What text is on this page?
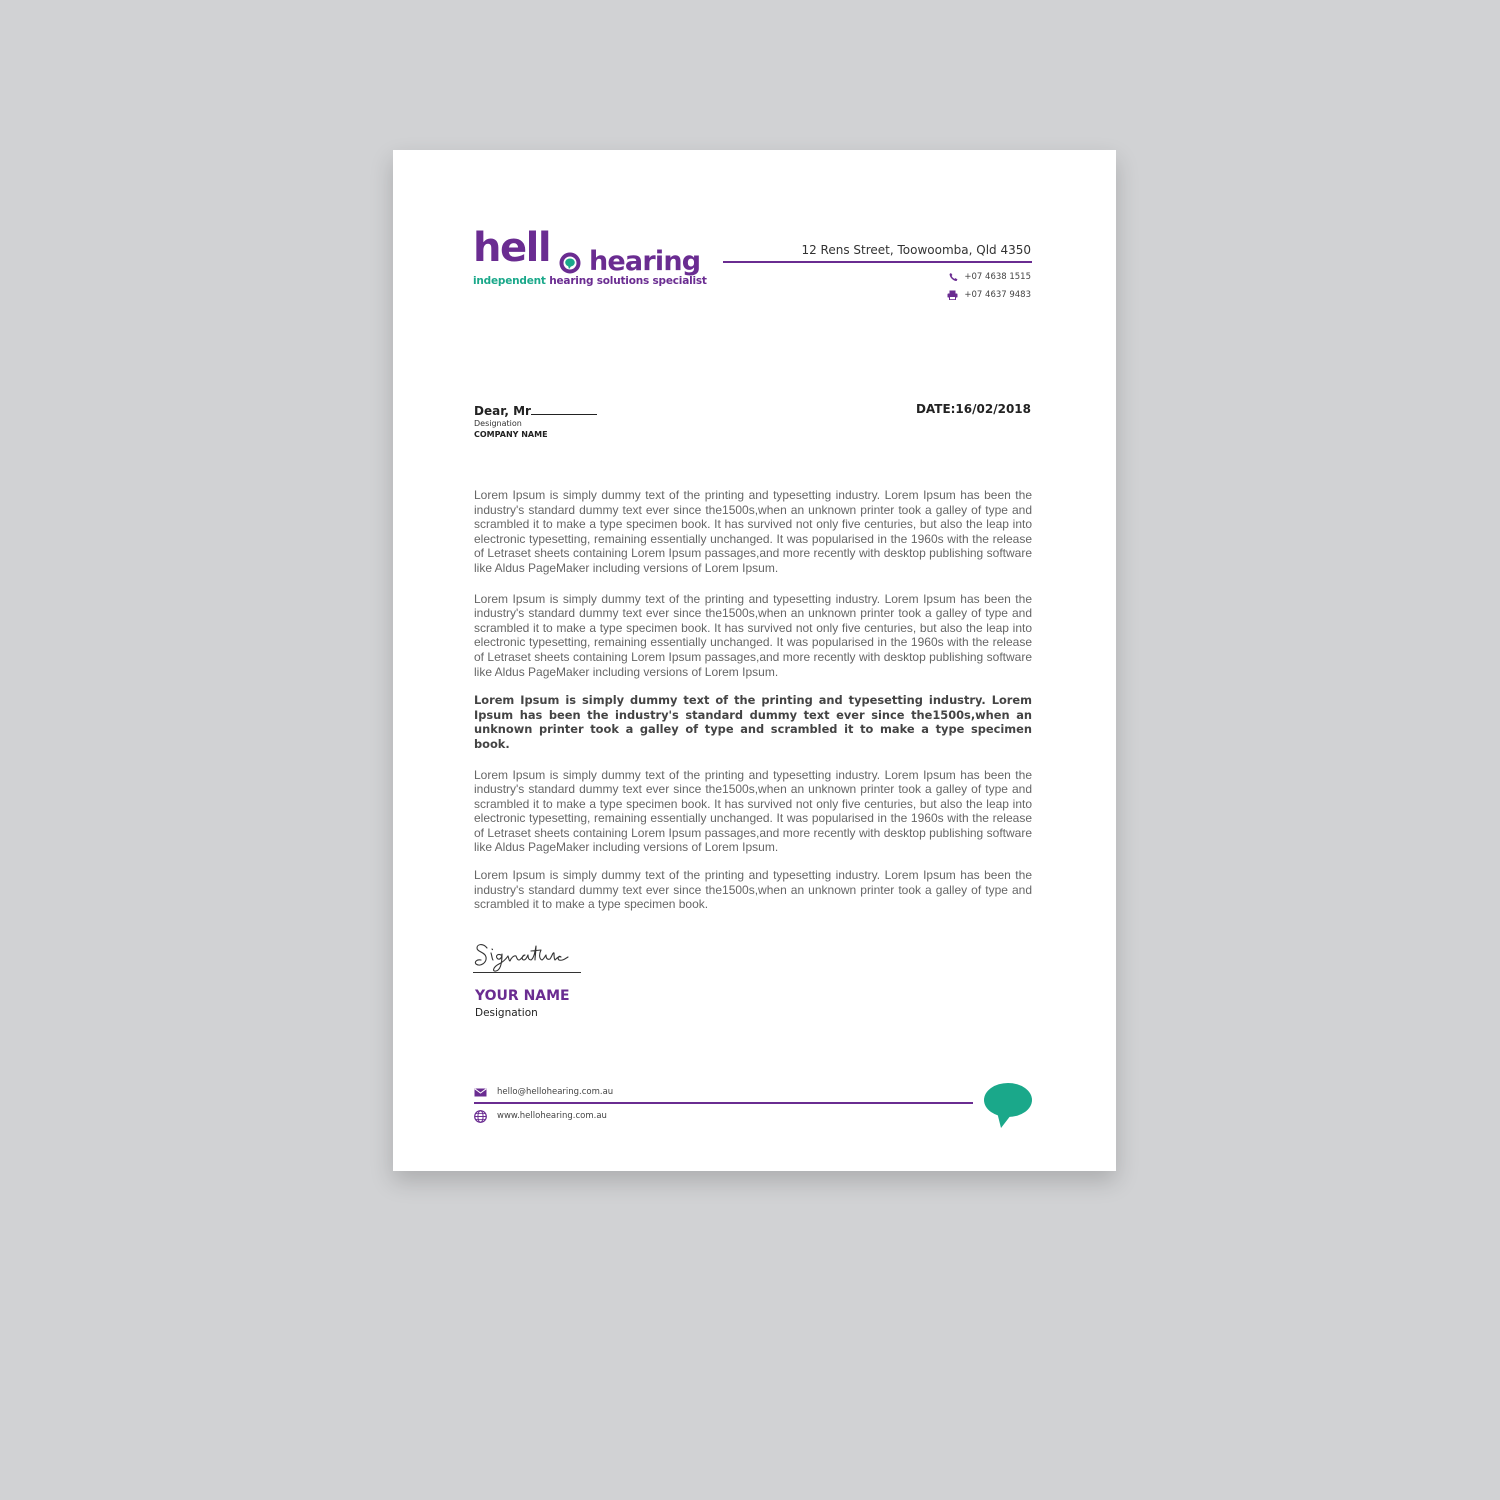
hell hearing
independent hearing solutions specialist
12 Rens Street, Toowoomba, Qld 4350
+07 4638 1515
+07 4637 9483
Dear, Mr
Designation
COMPANY NAME
DATE:16/02/2018

Lorem Ipsum is simply dummy text of the printing and typesetting industry. Lorem Ipsum has been the industry's standard dummy text ever since the1500s,when an unknown printer took a galley of type and scrambled it to make a type specimen book. It has survived not only five centuries, but also the leap into electronic typesetting, remaining essentially unchanged. It was popularised in the 1960s with the release of Letraset sheets containing Lorem Ipsum passages,and more recently with desktop publishing software like Aldus PageMaker including versions of Lorem Ipsum.

Lorem Ipsum is simply dummy text of the printing and typesetting industry. Lorem Ipsum has been the industry's standard dummy text ever since the1500s,when an unknown printer took a galley of type and scrambled it to make a type specimen book. It has survived not only five centuries, but also the leap into electronic typesetting, remaining essentially unchanged. It was popularised in the 1960s with the release of Letraset sheets containing Lorem Ipsum passages,and more recently with desktop publishing software like Aldus PageMaker including versions of Lorem Ipsum.

Lorem Ipsum is simply dummy text of the printing and typesetting industry. Lorem Ipsum has been the industry's standard dummy text ever since the1500s,when an unknown printer took a galley of type and scrambled it to make a type specimen book.

Lorem Ipsum is simply dummy text of the printing and typesetting industry. Lorem Ipsum has been the industry's standard dummy text ever since the1500s,when an unknown printer took a galley of type and scrambled it to make a type specimen book. It has survived not only five centuries, but also the leap into electronic typesetting, remaining essentially unchanged. It was popularised in the 1960s with the release of Letraset sheets containing Lorem Ipsum passages,and more recently with desktop publishing software like Aldus PageMaker including versions of Lorem Ipsum.

Lorem Ipsum is simply dummy text of the printing and typesetting industry. Lorem Ipsum has been the industry's standard dummy text ever since the1500s,when an unknown printer took a galley of type and scrambled it to make a type specimen book.

YOUR NAME
Designation
hello@hellohearing.com.au
www.hellohearing.com.au
